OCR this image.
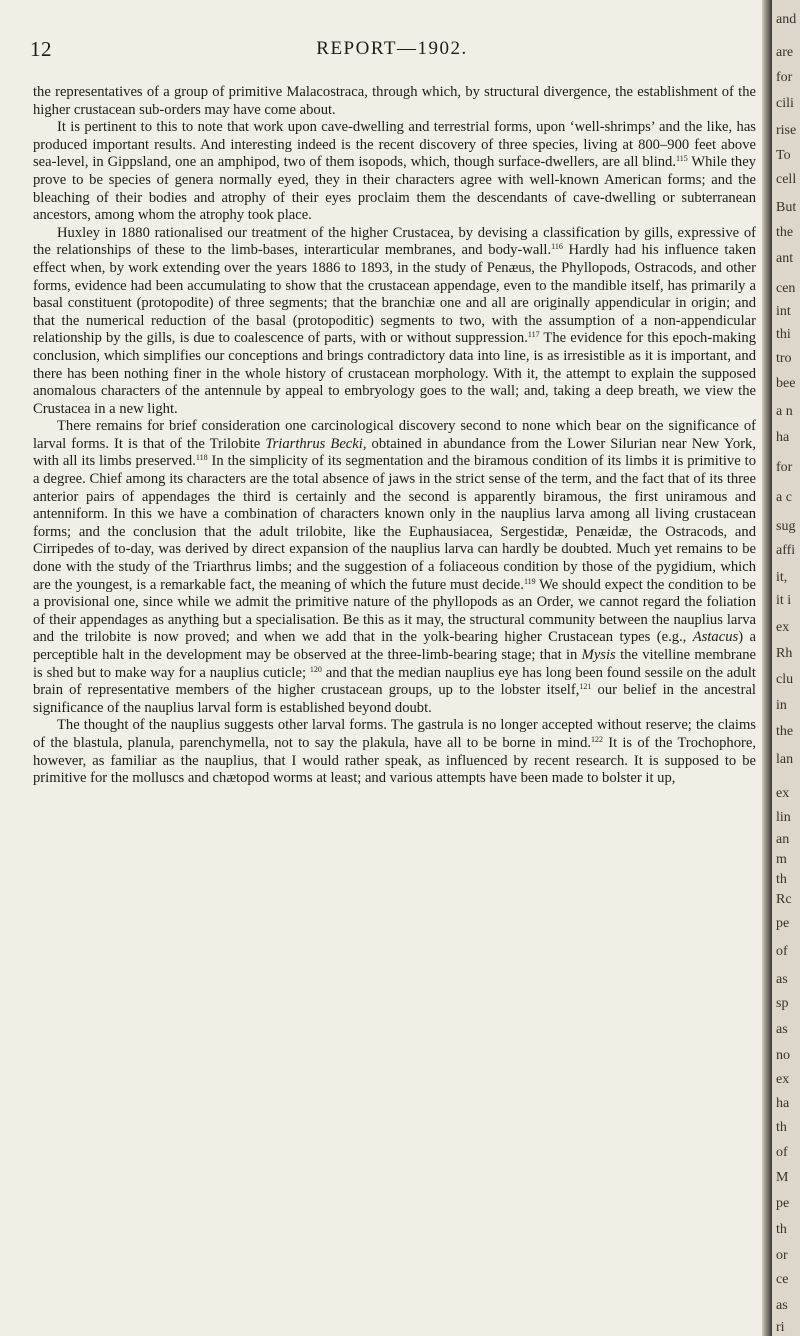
12	REPORT—1902.

the representatives of a group of primitive Malacostraca, through which, by structural divergence, the establishment of the higher crustacean sub-orders may have come about.

It is pertinent to this to note that work upon cave-dwelling and terrestrial forms, upon ‘well-shrimps’ and the like, has produced important results. And interesting indeed is the recent discovery of three species, living at 800–900 feet above sea-level, in Gippsland, one an amphipod, two of them isopods, which, though surface-dwellers, are all blind.$^{115}$ While they prove to be species of genera normally eyed, they in their characters agree with well-known American forms; and the bleaching of their bodies and atrophy of their eyes proclaim them the descendants of cave-dwelling or subterranean ancestors, among whom the atrophy took place.

Huxley in 1880 rationalised our treatment of the higher Crustacea, by devising a classification by gills, expressive of the relationships of these to the limb-bases, interarticular membranes, and body-wall.$^{116}$ Hardly had his influence taken effect when, by work extending over the years 1886 to 1893, in the study of Penæus, the Phyllopods, Ostracods, and other forms, evidence had been accumulating to show that the crustacean appendage, even to the mandible itself, has primarily a basal constituent (protopodite) of three segments; that the branchiæ one and all are originally appendicular in origin; and that the numerical reduction of the basal (protopoditic) segments to two, with the assumption of a non-appendicular relationship by the gills, is due to coalescence of parts, with or without suppression.$^{117}$ The evidence for this epoch-making conclusion, which simplifies our conceptions and brings contradictory data into line, is as irresistible as it is important, and there has been nothing finer in the whole history of crustacean morphology. With it, the attempt to explain the supposed anomalous characters of the antennule by appeal to embryology goes to the wall; and, taking a deep breath, we view the Crustacea in a new light.

There remains for brief consideration one carcinological discovery second to none which bear on the significance of larval forms. It is that of the Trilobite Triarthrus Becki, obtained in abundance from the Lower Silurian near New York, with all its limbs preserved.$^{118}$ In the simplicity of its segmentation and the biramous condition of its limbs it is primitive to a degree. Chief among its characters are the total absence of jaws in the strict sense of the term, and the fact that of its three anterior pairs of appendages the third is certainly and the second is apparently biramous, the first uniramous and antenniform. In this we have a combination of characters known only in the nauplius larva among all living crustacean forms; and the conclusion that the adult trilobite, like the Euphausiacea, Sergestidæ, Penæidæ, the Ostracods, and Cirripedes of to-day, was derived by direct expansion of the nauplius larva can hardly be doubted. Much yet remains to be done with the study of the Triarthrus limbs; and the suggestion of a foliaceous condition by those of the pygidium, which are the youngest, is a remarkable fact, the meaning of which the future must decide.$^{119}$ We should expect the condition to be a provisional one, since while we admit the primitive nature of the phyllopods as an Order, we cannot regard the foliation of their appendages as anything but a specialisation. Be this as it may, the structural community between the nauplius larva and the trilobite is now proved; and when we add that in the yolk-bearing higher Crustacean types (e.g., Astacus) a perceptible halt in the development may be observed at the three-limb-bearing stage; that in Mysis the vitelline membrane is shed but to make way for a nauplius cuticle; $^{120}$ and that the median nauplius eye has long been found sessile on the adult brain of representative members of the higher crustacean groups, up to the lobster itself,$^{121}$ our belief in the ancestral significance of the nauplius larval form is established beyond doubt.

The thought of the nauplius suggests other larval forms. The gastrula is no longer accepted without reserve; the claims of the blastula, planula, parenchymella, not to say the plakula, have all to be borne in mind.$^{122}$ It is of the Trochophore, however, as familiar as the nauplius, that I would rather speak, as influenced by recent research. It is supposed to be primitive for the molluscs and chætopod worms at least; and various attempts have been made to bolster it up,

and
are
for
cili
rise
To
cell
But
the
ant
cen
int
thi
tro
bee
a n
ha
for
a c
sug
affi
it,
it i
ex
Rh
clu
in
the
lan
ex
lin
an
m
th
Rc
pe
of
as
sp
as
no
ex
ha
th
of
M
pe
th
or
ce
as
ri
